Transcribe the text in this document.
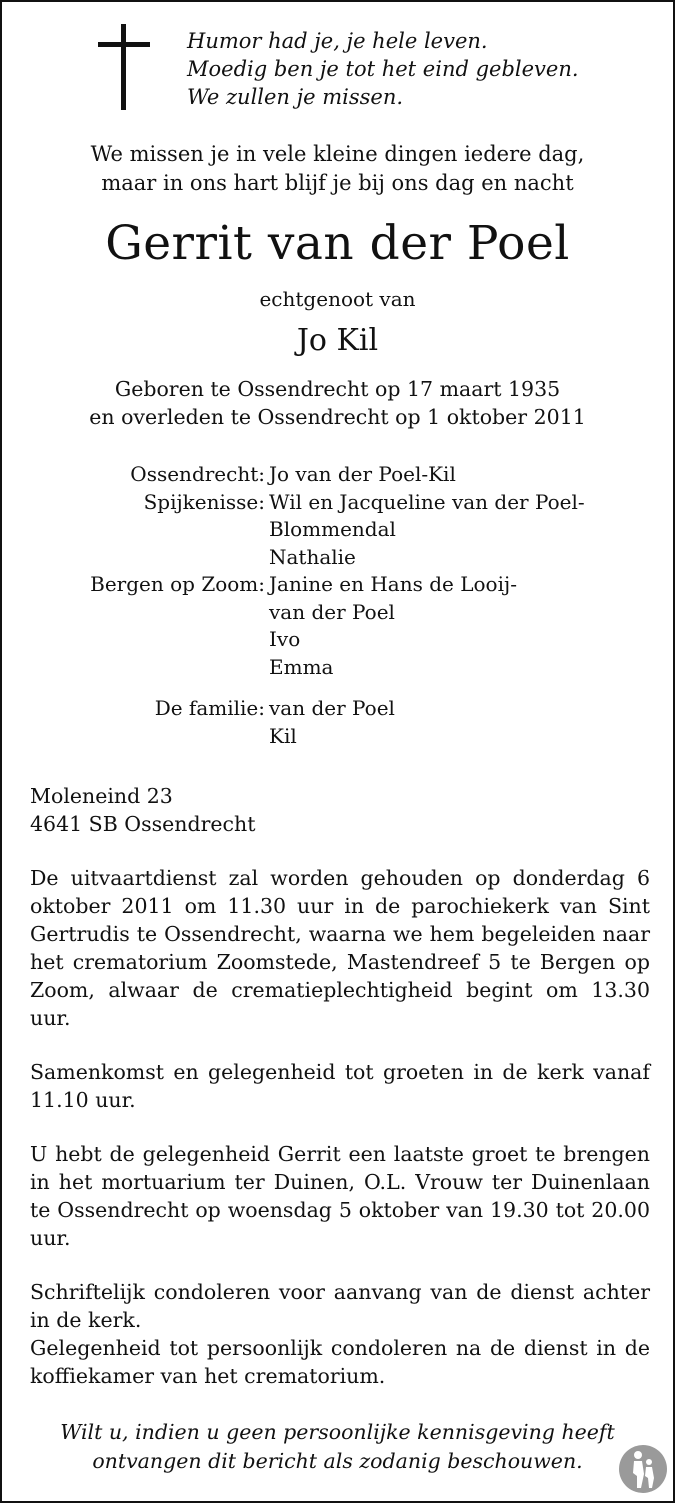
Humor had je, je hele leven.
Moedig ben je tot het eind gebleven.
We zullen je missen.
We missen je in vele kleine dingen iedere dag,
maar in ons hart blijf je bij ons dag en nacht
Gerrit van der Poel
echtgenoot van
Jo Kil
Geboren te Ossendrecht op 17 maart 1935
en overleden te Ossendrecht op 1 oktober 2011
Ossendrecht: Jo van der Poel-Kil
Spijkenisse: Wil en Jacqueline van der Poel-
Blommendal
Nathalie
Bergen op Zoom: Janine en Hans de Looij-
van der Poel
Ivo
Emma
De familie: van der Poel
Kil

Moleneind 23
4641 SB Ossendrecht

De uitvaartdienst zal worden gehouden op donderdag 6 oktober 2011 om 11.30 uur in de parochiekerk van Sint Gertrudis te Ossendrecht, waarna we hem begeleiden naar het crematorium Zoomstede, Mastendreef 5 te Bergen op Zoom, alwaar de crematieplechtigheid begint om 13.30 uur.

Samenkomst en gelegenheid tot groeten in de kerk vanaf 11.10 uur.

U hebt de gelegenheid Gerrit een laatste groet te brengen in het mortuarium ter Duinen, O.L. Vrouw ter Duinenlaan te Ossendrecht op woensdag 5 oktober van 19.30 tot 20.00 uur.

Schriftelijk condoleren voor aanvang van de dienst achter in de kerk.
Gelegenheid tot persoonlijk condoleren na de dienst in de koffiekamer van het crematorium.

Wilt u, indien u geen persoonlijke kennisgeving heeft
ontvangen dit bericht als zodanig beschouwen.
